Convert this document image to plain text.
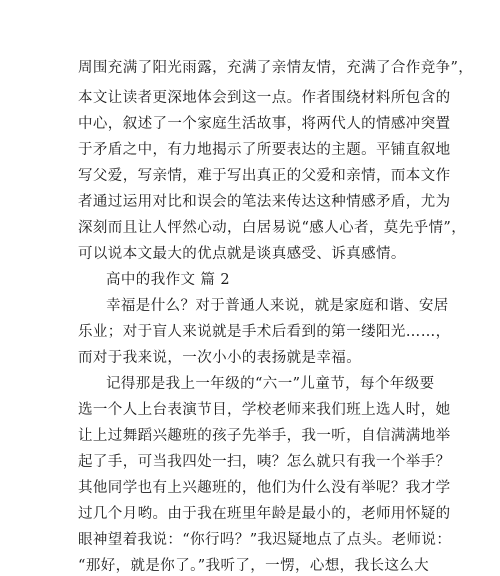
周围充满了阳光雨露，充满了亲情友情，充满了合作竞争”，
本文让读者更深地体会到这一点。作者围绕材料所包含的
中心，叙述了一个家庭生活故事，将两代人的情感冲突置
于矛盾之中，有力地揭示了所要表达的主题。平铺直叙地
写父爱，写亲情，难于写出真正的父爱和亲情，而本文作
者通过运用对比和误会的笔法来传达这种情感矛盾，尤为
深刻而且让人怦然心动，白居易说“感人心者，莫先乎情”，
可以说本文最大的优点就是谈真感受、诉真感情。
高中的我作文 篇 2
幸福是什么？对于普通人来说，就是家庭和谐、安居
乐业；对于盲人来说就是手术后看到的第一缕阳光……，
而对于我来说，一次小小的表扬就是幸福。
记得那是我上一年级的“六一”儿童节，每个年级要
选一个人上台表演节目，学校老师来我们班上选人时，她
让上过舞蹈兴趣班的孩子先举手，我一听，自信满满地举
起了手，可当我四处一扫，咦？怎么就只有我一个举手？
其他同学也有上兴趣班的，他们为什么没有举呢？我才学
过几个月哟。由于我在班里年龄是最小的，老师用怀疑的
眼神望着我说：“你行吗？”我迟疑地点了点头。老师说：
“那好，就是你了。”我听了，一愣，心想，我长这么大
